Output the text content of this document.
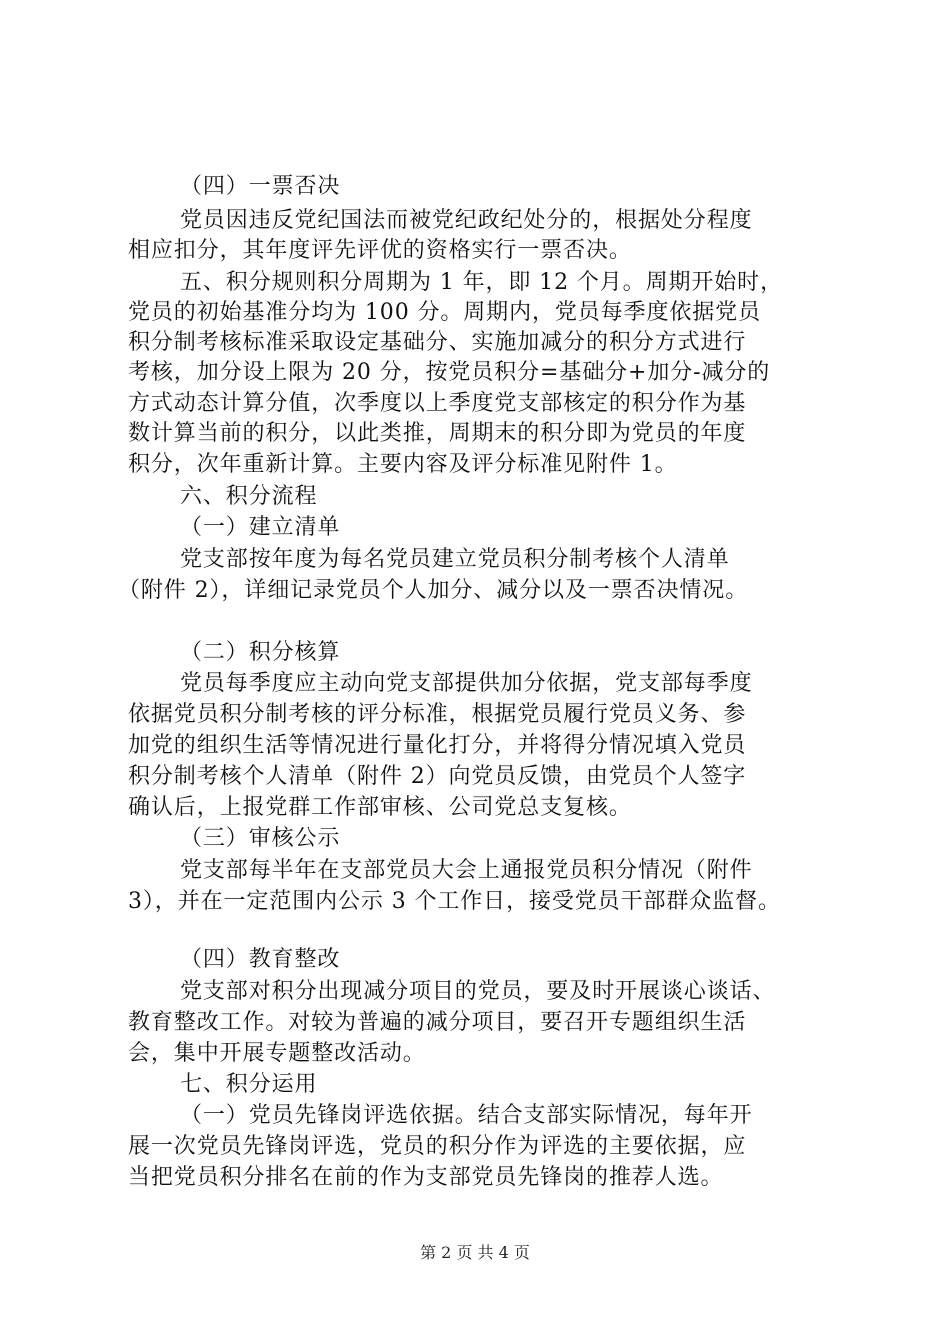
（四）一票否决
党员因违反党纪国法而被党纪政纪处分的，根据处分程度
相应扣分，其年度评先评优的资格实行一票否决。
五、积分规则积分周期为 1 年，即 12 个月。周期开始时，
党员的初始基准分均为 100 分。周期内，党员每季度依据党员
积分制考核标准采取设定基础分、实施加减分的积分方式进行
考核，加分设上限为 20 分，按党员积分=基础分+加分-减分的
方式动态计算分值，次季度以上季度党支部核定的积分作为基
数计算当前的积分，以此类推，周期末的积分即为党员的年度
积分，次年重新计算。主要内容及评分标准见附件 1。
六、积分流程
（一）建立清单
党支部按年度为每名党员建立党员积分制考核个人清单
（附件 2），详细记录党员个人加分、减分以及一票否决情况。
（二）积分核算
党员每季度应主动向党支部提供加分依据，党支部每季度
依据党员积分制考核的评分标准，根据党员履行党员义务、参
加党的组织生活等情况进行量化打分，并将得分情况填入党员
积分制考核个人清单（附件 2）向党员反馈，由党员个人签字
确认后，上报党群工作部审核、公司党总支复核。
（三）审核公示
党支部每半年在支部党员大会上通报党员积分情况（附件
3），并在一定范围内公示 3 个工作日，接受党员干部群众监督。
（四）教育整改
党支部对积分出现减分项目的党员，要及时开展谈心谈话、
教育整改工作。对较为普遍的减分项目，要召开专题组织生活
会，集中开展专题整改活动。
七、积分运用
（一）党员先锋岗评选依据。结合支部实际情况，每年开
展一次党员先锋岗评选，党员的积分作为评选的主要依据，应
当把党员积分排名在前的作为支部党员先锋岗的推荐人选。
第 2 页 共 4 页
